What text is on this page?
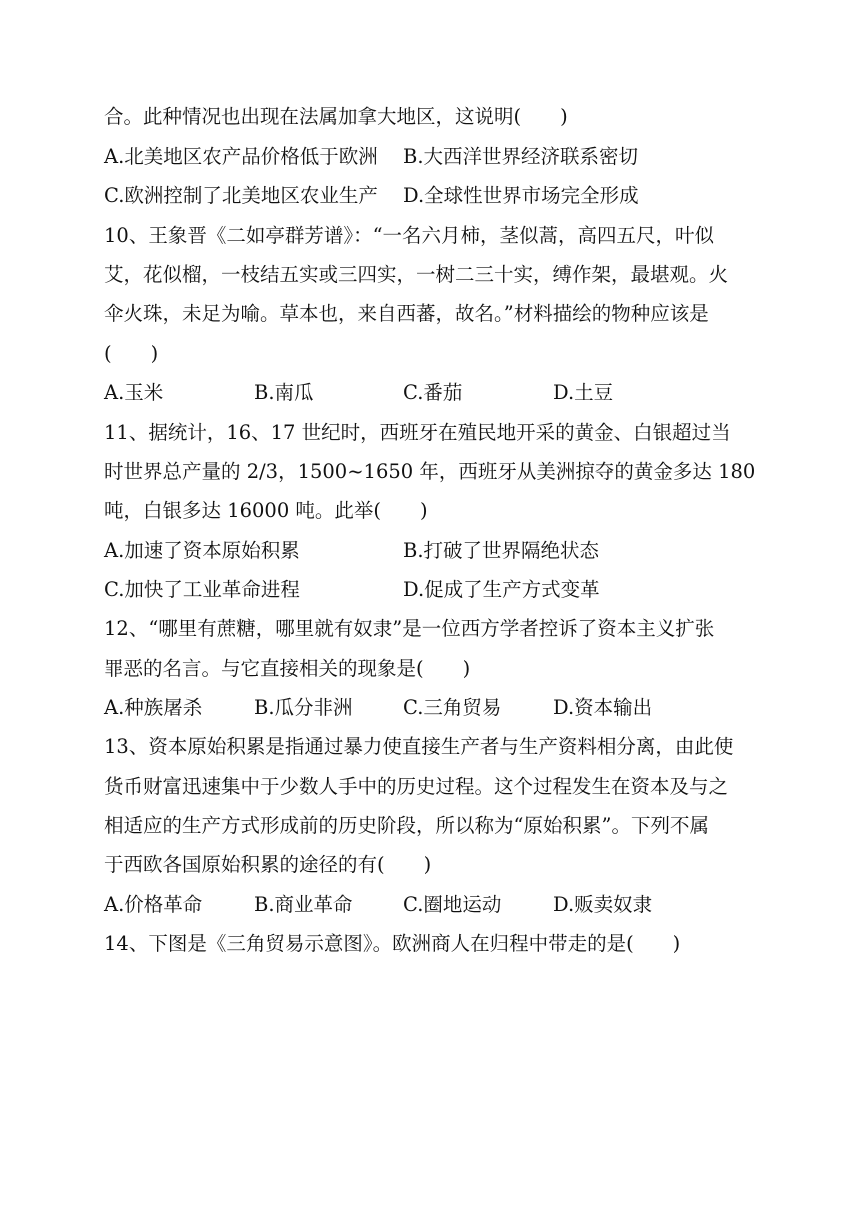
合。此种情况也出现在法属加拿大地区，这说明(　　)
A.北美地区农产品价格低于欧洲 B.大西洋世界经济联系密切
C.欧洲控制了北美地区农业生产 D.全球性世界市场完全形成
10、王象晋《二如亭群芳谱》：“一名六月柿，茎似蒿，高四五尺，叶似
艾，花似榴，一枝结五实或三四实，一树二三十实，缚作架，最堪观。火
伞火珠，未足为喻。草本也，来自西蕃，故名。”材料描绘的物种应该是
(　　)
A.玉米	B.南瓜	C.番茄	D.土豆
11、据统计，16、17 世纪时，西班牙在殖民地开采的黄金、白银超过当
时世界总产量的 2/3，1500~1650 年，西班牙从美洲掠夺的黄金多达 180
吨，白银多达 16000 吨。此举(　　)
A.加速了资本原始积累	B.打破了世界隔绝状态
C.加快了工业革命进程	D.促成了生产方式变革
12、“哪里有蔗糖，哪里就有奴隶”是一位西方学者控诉了资本主义扩张
罪恶的名言。与它直接相关的现象是(　　)
A.种族屠杀	B.瓜分非洲	C.三角贸易	D.资本输出
13、资本原始积累是指通过暴力使直接生产者与生产资料相分离，由此使
货币财富迅速集中于少数人手中的历史过程。这个过程发生在资本及与之
相适应的生产方式形成前的历史阶段，所以称为“原始积累”。下列不属
于西欧各国原始积累的途径的有(　　)
A.价格革命	B.商业革命	C.圈地运动	D.贩卖奴隶
14、下图是《三角贸易示意图》。欧洲商人在归程中带走的是(　　)
